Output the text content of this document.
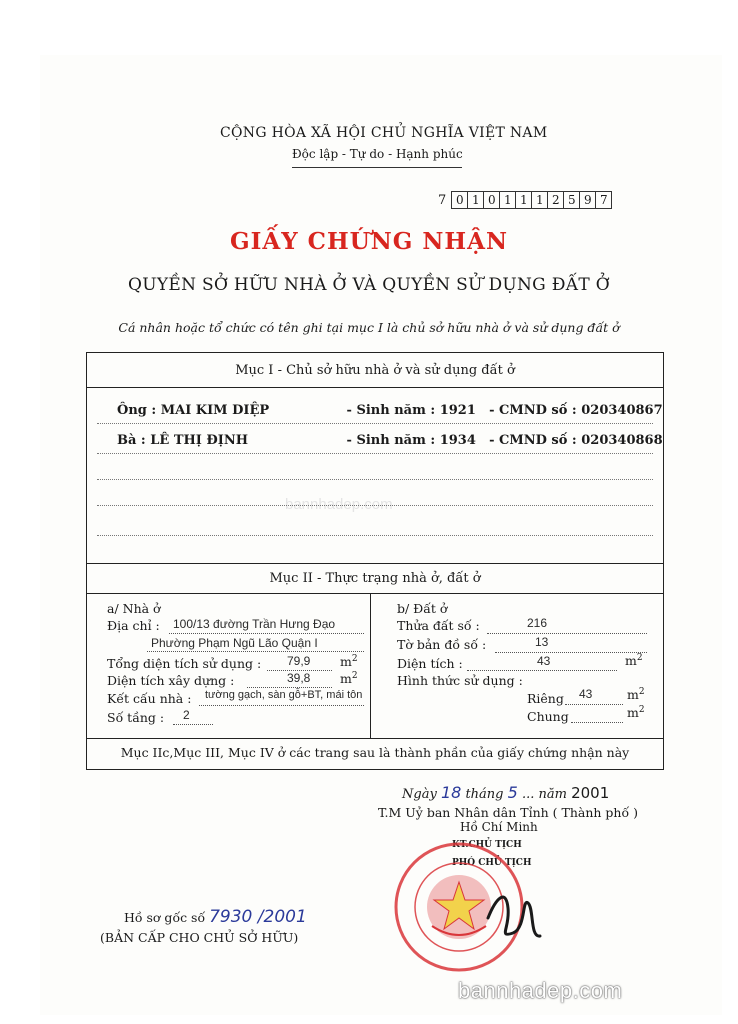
CỘNG HÒA XÃ HỘI CHỦ NGHĨA VIỆT NAM
Độc lập - Tự do - Hạnh phúc
7 0 1 0 1 1 1 2 5 9 7
GIẤY CHỨNG NHẬN
QUYỀN SỞ HỮU NHÀ Ở VÀ QUYỀN SỬ DỤNG ĐẤT Ở
Cá nhân hoặc tổ chức có tên ghi tại mục I là chủ sở hữu nhà ở và sử dụng đất ở
bannhadep.com
Mục I - Chủ sở hữu nhà ở và sử dụng đất ở
Ông : MAI KIM DIỆP	- Sinh năm : 1921 - CMND số : 020340867
Bà : LÊ THỊ ĐỊNH	- Sinh năm : 1934 - CMND số : 020340868
Mục II - Thực trạng nhà ở, đất ở
a/ Nhà ở
Địa chỉ : 100/13 đường Trần Hưng Đạo
Phường Phạm Ngũ Lão Quận I
Tổng diện tích sử dụng : 79,9 $m^2$
Diện tích xây dựng :	39,8 $m^2$
Kết cấu nhà : tường gạch, sàn gỗ+BT, mái tôn
Số tầng : 2
b/ Đất ở
Thửa đất số :	216
Tờ bản đồ số :	13
Diện tích :	43	$m^2$
Hình thức sử dụng :
Riêng 43	$m^2$
Chung	$m^2$
Mục IIc,Mục III, Mục IV ở các trang sau là thành phần của giấy chứng nhận này
Ngày 18 tháng 5 ... năm 2001
T.M Uỷ ban Nhân dân Tỉnh ( Thành phố )
Hồ Chí Minh
KT.CHỦ TỊCH
PHÓ CHỦ TỊCH
Hồ sơ gốc số 7930 /2001
(BẢN CẤP CHO CHỦ SỞ HỮU)
bannhadep.com
